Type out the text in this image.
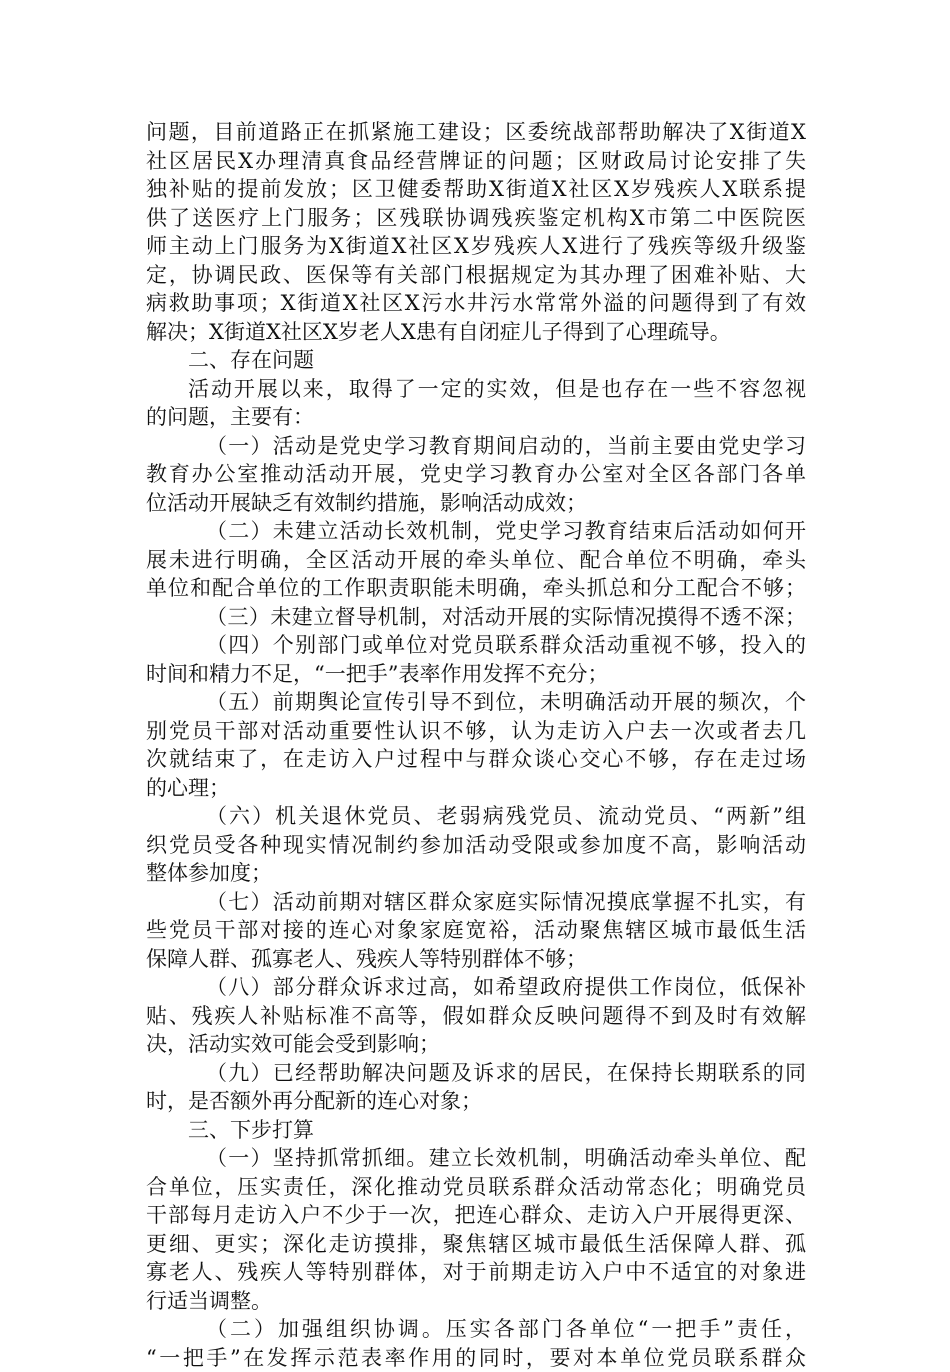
问题，目前道路正在抓紧施工建设；区委统战部帮助解决了X街道X
社区居民X办理清真食品经营牌证的问题；区财政局讨论安排了失
独补贴的提前发放；区卫健委帮助X街道X社区X岁残疾人X联系提
供了送医疗上门服务；区残联协调残疾鉴定机构X市第二中医院医
师主动上门服务为X街道X社区X岁残疾人X进行了残疾等级升级鉴
定，协调民政、医保等有关部门根据规定为其办理了困难补贴、大
病救助事项；X街道X社区X污水井污水常常外溢的问题得到了有效
解决；X街道X社区X岁老人X患有自闭症儿子得到了心理疏导。
二、存在问题
活动开展以来，取得了一定的实效，但是也存在一些不容忽视
的问题，主要有：
（一）活动是党史学习教育期间启动的，当前主要由党史学习
教育办公室推动活动开展，党史学习教育办公室对全区各部门各单
位活动开展缺乏有效制约措施，影响活动成效；
（二）未建立活动长效机制，党史学习教育结束后活动如何开
展未进行明确，全区活动开展的牵头单位、配合单位不明确，牵头
单位和配合单位的工作职责职能未明确，牵头抓总和分工配合不够；
（三）未建立督导机制，对活动开展的实际情况摸得不透不深；
（四）个别部门或单位对党员联系群众活动重视不够，投入的
时间和精力不足，“一把手”表率作用发挥不充分；
（五）前期舆论宣传引导不到位，未明确活动开展的频次，个
别党员干部对活动重要性认识不够，认为走访入户去一次或者去几
次就结束了，在走访入户过程中与群众谈心交心不够，存在走过场
的心理；
（六）机关退休党员、老弱病残党员、流动党员、“两新”组
织党员受各种现实情况制约参加活动受限或参加度不高，影响活动
整体参加度；
（七）活动前期对辖区群众家庭实际情况摸底掌握不扎实，有
些党员干部对接的连心对象家庭宽裕，活动聚焦辖区城市最低生活
保障人群、孤寡老人、残疾人等特别群体不够；
（八）部分群众诉求过高，如希望政府提供工作岗位，低保补
贴、残疾人补贴标准不高等，假如群众反映问题得不到及时有效解
决，活动实效可能会受到影响；
（九）已经帮助解决问题及诉求的居民，在保持长期联系的同
时，是否额外再分配新的连心对象；
三、下步打算
（一）坚持抓常抓细。建立长效机制，明确活动牵头单位、配
合单位，压实责任，深化推动党员联系群众活动常态化；明确党员
干部每月走访入户不少于一次，把连心群众、走访入户开展得更深、
更细、更实；深化走访摸排，聚焦辖区城市最低生活保障人群、孤
寡老人、残疾人等特别群体，对于前期走访入户中不适宜的对象进
行适当调整。
（二）加强组织协调。压实各部门各单位“一把手”责任，
“一把手”在发挥示范表率作用的同时，要对本单位党员联系群众
